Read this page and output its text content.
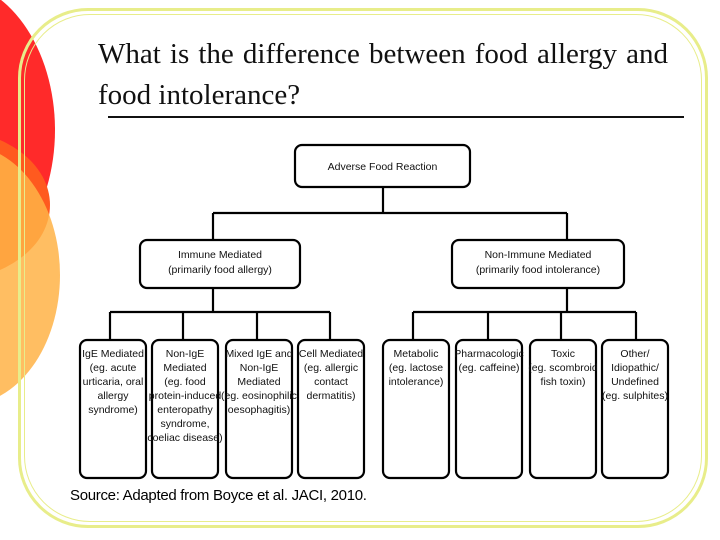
What is the difference between food allergy and food intolerance?
Adverse Food Reaction
Immune Mediated
(primarily food allergy)
Non-Immune Mediated
(primarily food intolerance)
IgE Mediated
(eg. acute
urticaria, oral
allergy
syndrome)
Non-IgE
Mediated
(eg. food
protein-induced
enteropathy
syndrome,
coeliac disease)
Mixed IgE and
Non-IgE
Mediated
(eg. eosinophilic
oesophagitis)
Cell Mediated
(eg. allergic
contact
dermatitis)
Metabolic
(eg. lactose
intolerance)
Pharmacologic
(eg. caffeine)
Toxic
(eg. scombroid
fish toxin)
Other/
Idiopathic/
Undefined
(eg. sulphites)
Source: Adapted from Boyce et al. JACI, 2010.
